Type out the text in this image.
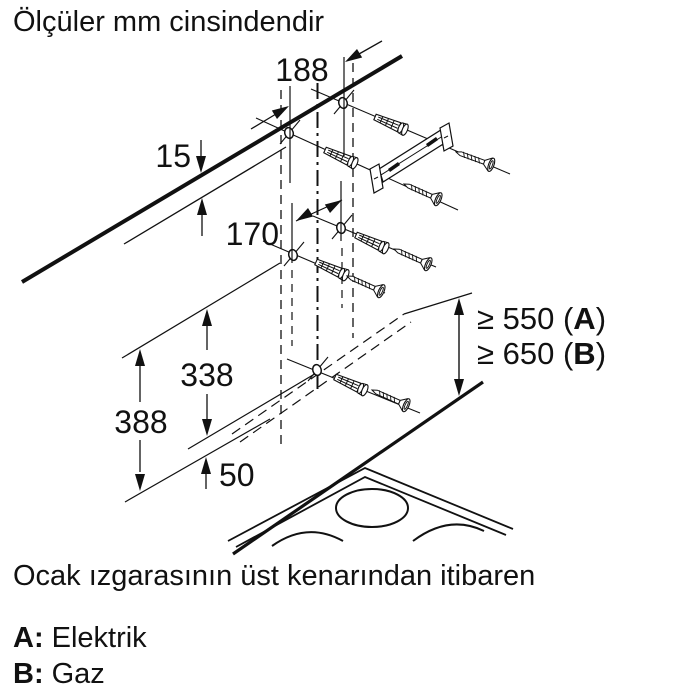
Ölçüler mm cinsindendir
188
15
170
338
388
50
≥ 550 (A)
≥ 650 (B)
Ocak ızgarasının üst kenarından itibaren
A: Elektrik
B: Gaz
